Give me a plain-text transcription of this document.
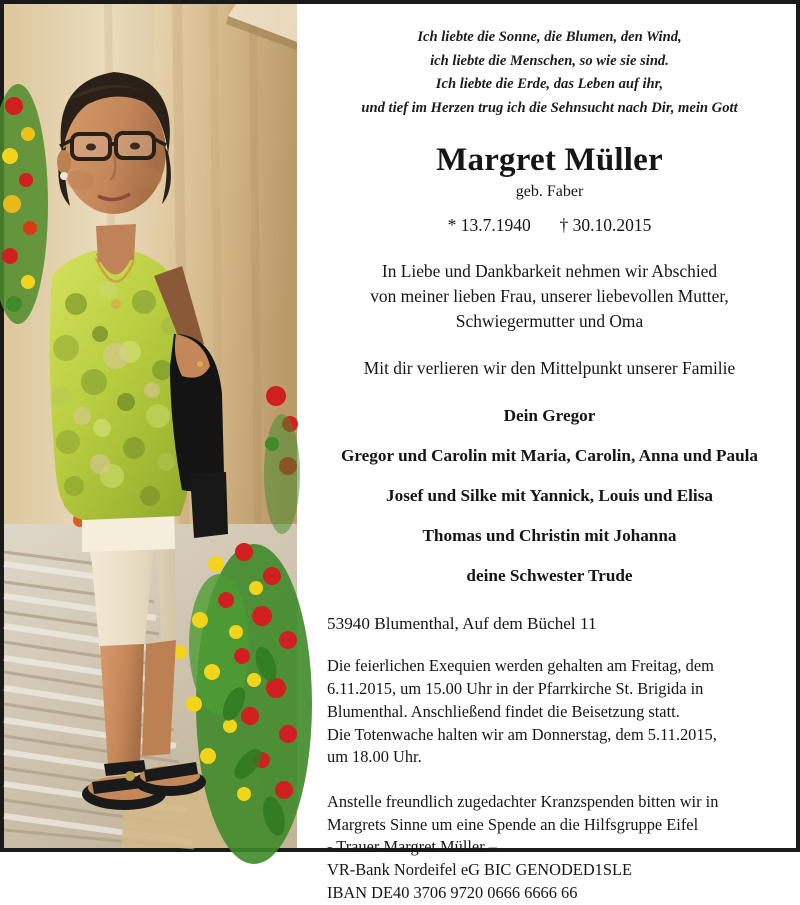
Ich liebte die Sonne, die Blumen, den Wind,
ich liebte die Menschen, so wie sie sind.
Ich liebte die Erde, das Leben auf ihr,
und tief im Herzen trug ich die Sehnsucht nach Dir, mein Gott
Margret Müller

geb. Faber

* 13.7.1940 † 30.10.2015

In Liebe und Dankbarkeit nehmen wir Abschied
von meiner lieben Frau, unserer liebevollen Mutter,
Schwiegermutter und Oma
Mit dir verlieren wir den Mittelpunkt unserer Familie
Dein Gregor
Gregor und Carolin mit Maria, Carolin, Anna und Paula
Josef und Silke mit Yannick, Louis und Elisa
Thomas und Christin mit Johanna
deine Schwester Trude
53940 Blumenthal, Auf dem Büchel 11
Die feierlichen Exequien werden gehalten am Freitag, dem
6.11.2015, um 15.00 Uhr in der Pfarrkirche St. Brigida in
Blumenthal. Anschließend findet die Beisetzung statt.
Die Totenwache halten wir am Donnerstag, dem 5.11.2015,
um 18.00 Uhr.
Anstelle freundlich zugedachter Kranzspenden bitten wir in
Margrets Sinne um eine Spende an die Hilfsgruppe Eifel
- Trauer Margret Müller –
VR-Bank Nordeifel eG BIC GENODED1SLE
IBAN DE40 3706 9720 0666 6666 66
